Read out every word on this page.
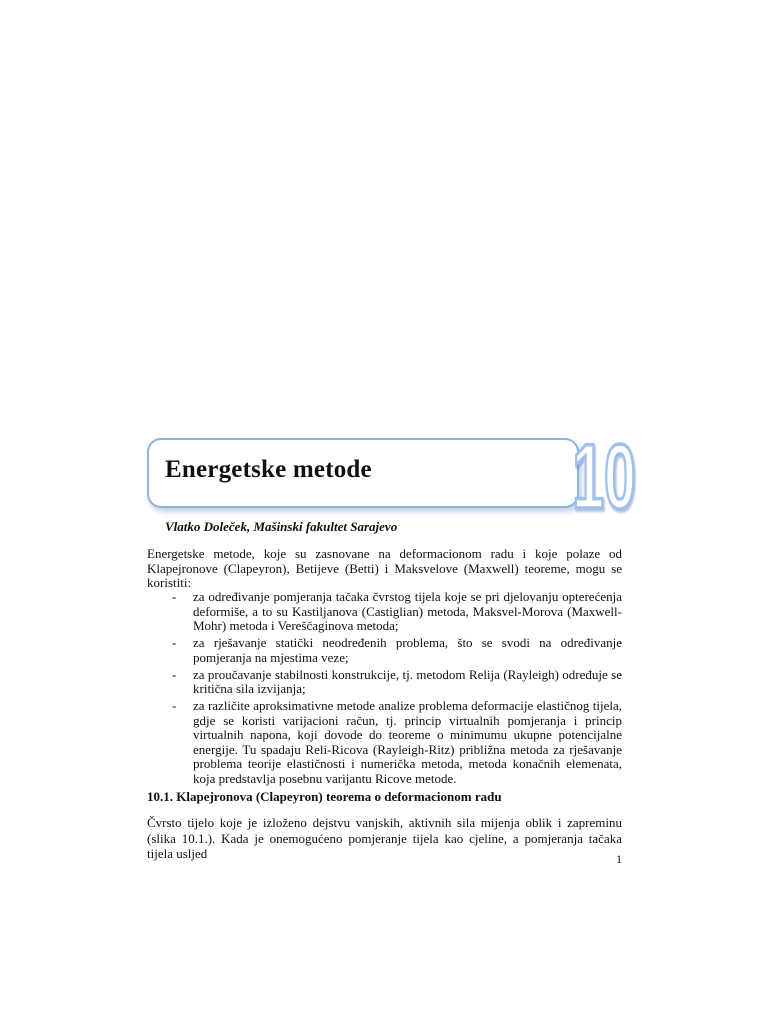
Energetske metode 10
Vlatko Doleček, Mašinski fakultet Sarajevo

Energetske metode, koje su zasnovane na deformacionom radu i koje polaze od Klapejronove (Clapeyron), Betijeve (Betti) i Maksvelove (Maxwell) teoreme, mogu se koristiti:

- za određivanje pomjeranja tačaka čvrstog tijela koje se pri djelovanju opterećenja deformiše, a to su Kastiljanova (Castiglian) metoda, Maksvel-Morova (Maxwell-Mohr) metoda i Vereščaginova metoda;
- za rješavanje statički neodređenih problema, što se svodi na određivanje pomjeranja na mjestima veze;
- za proučavanje stabilnosti konstrukcije, tj. metodom Relija (Rayleigh) određuje se kritična sila izvijanja;
- za različite aproksimativne metode analize problema deformacije elastičnog tijela, gdje se koristi varijacioni račun, tj. princip virtualnih pomjeranja i princip virtualnih napona, koji dovode do teoreme o minimumu ukupne potencijalne energije. Tu spadaju Reli-Ricova (Rayleigh-Ritz) približna metoda za rješavanje problema teorije elastičnosti i numerička metoda, metoda konačnih elemenata, koja predstavlja posebnu varijantu Ricove metode.
10.1. Klapejronova (Clapeyron) teorema o deformacionom radu

Čvrsto tijelo koje je izloženo dejstvu vanjskih, aktivnih sila mijenja oblik i zapreminu (slika 10.1.). Kada je onemogućeno pomjeranje tijela kao cjeline, a pomjeranja tačaka tijela usljed	1
